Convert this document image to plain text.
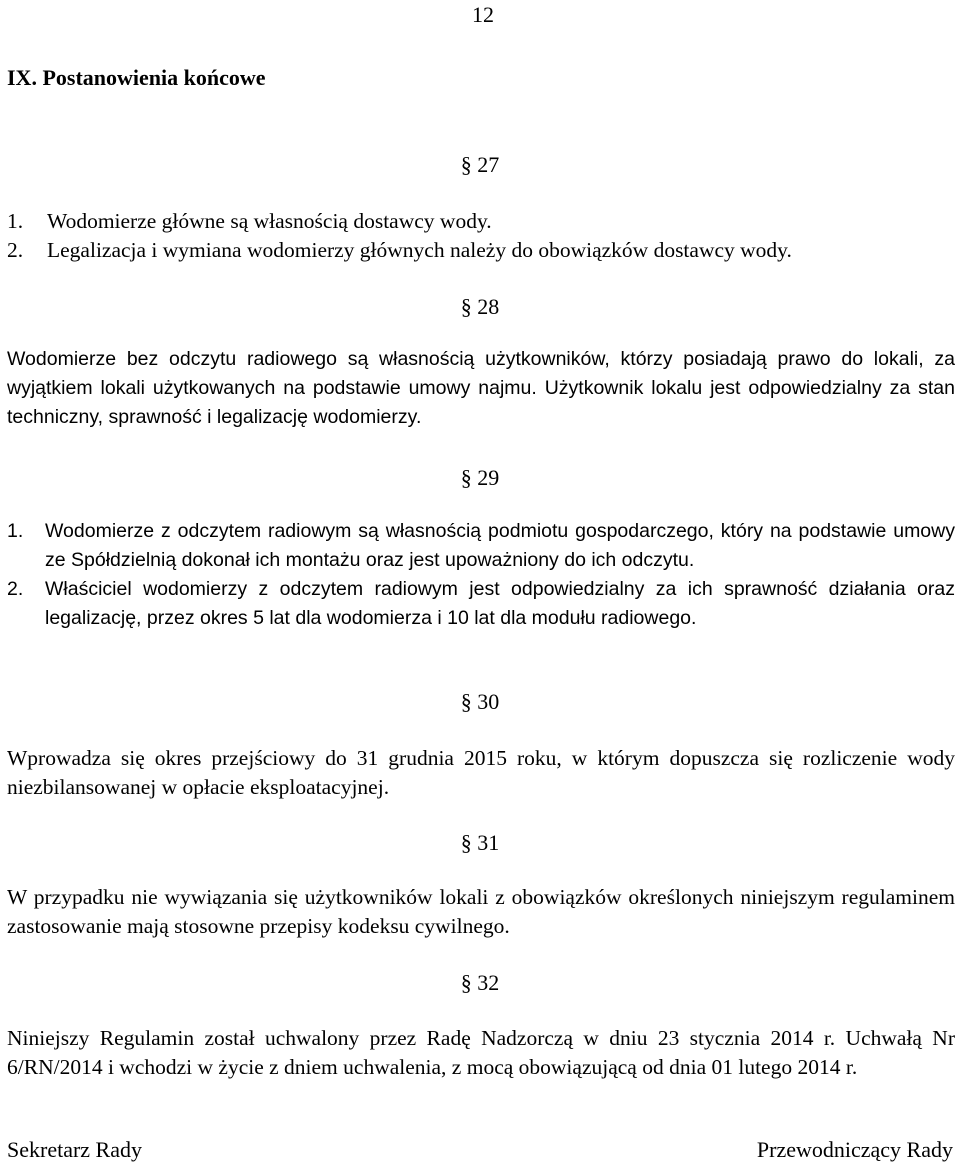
12
IX. Postanowienia końcowe
§ 27
1.	Wodomierze główne są własnością dostawcy wody.
2.	Legalizacja i wymiana wodomierzy głównych należy do obowiązków dostawcy wody.
§ 28

Wodomierze bez odczytu radiowego są własnością użytkowników, którzy posiadają prawo do lokali, za wyjątkiem lokali użytkowanych na podstawie umowy najmu. Użytkownik lokalu jest odpowiedzialny za stan techniczny, sprawność i legalizację wodomierzy.

§ 29
1. Wodomierze z odczytem radiowym są własnością podmiotu gospodarczego, który na podstawie umowy ze Spółdzielnią dokonał ich montażu oraz jest upoważniony do ich odczytu.
2. Właściciel wodomierzy z odczytem radiowym jest odpowiedzialny za ich sprawność działania oraz legalizację, przez okres 5 lat dla wodomierza i 10 lat dla modułu radiowego.
§ 30

Wprowadza się okres przejściowy do 31 grudnia 2015 roku, w którym dopuszcza się rozliczenie wody niezbilansowanej w opłacie eksploatacyjnej.

§ 31

W przypadku nie wywiązania się użytkowników lokali z obowiązków określonych niniejszym regulaminem zastosowanie mają stosowne przepisy kodeksu cywilnego.

§ 32

Niniejszy Regulamin został uchwalony przez Radę Nadzorczą w dniu 23 stycznia 2014 r. Uchwałą Nr 6/RN/2014 i wchodzi w życie z dniem uchwalenia, z mocą obowiązującą od dnia 01 lutego 2014 r.

Sekretarz Rady	Przewodniczący Rady
